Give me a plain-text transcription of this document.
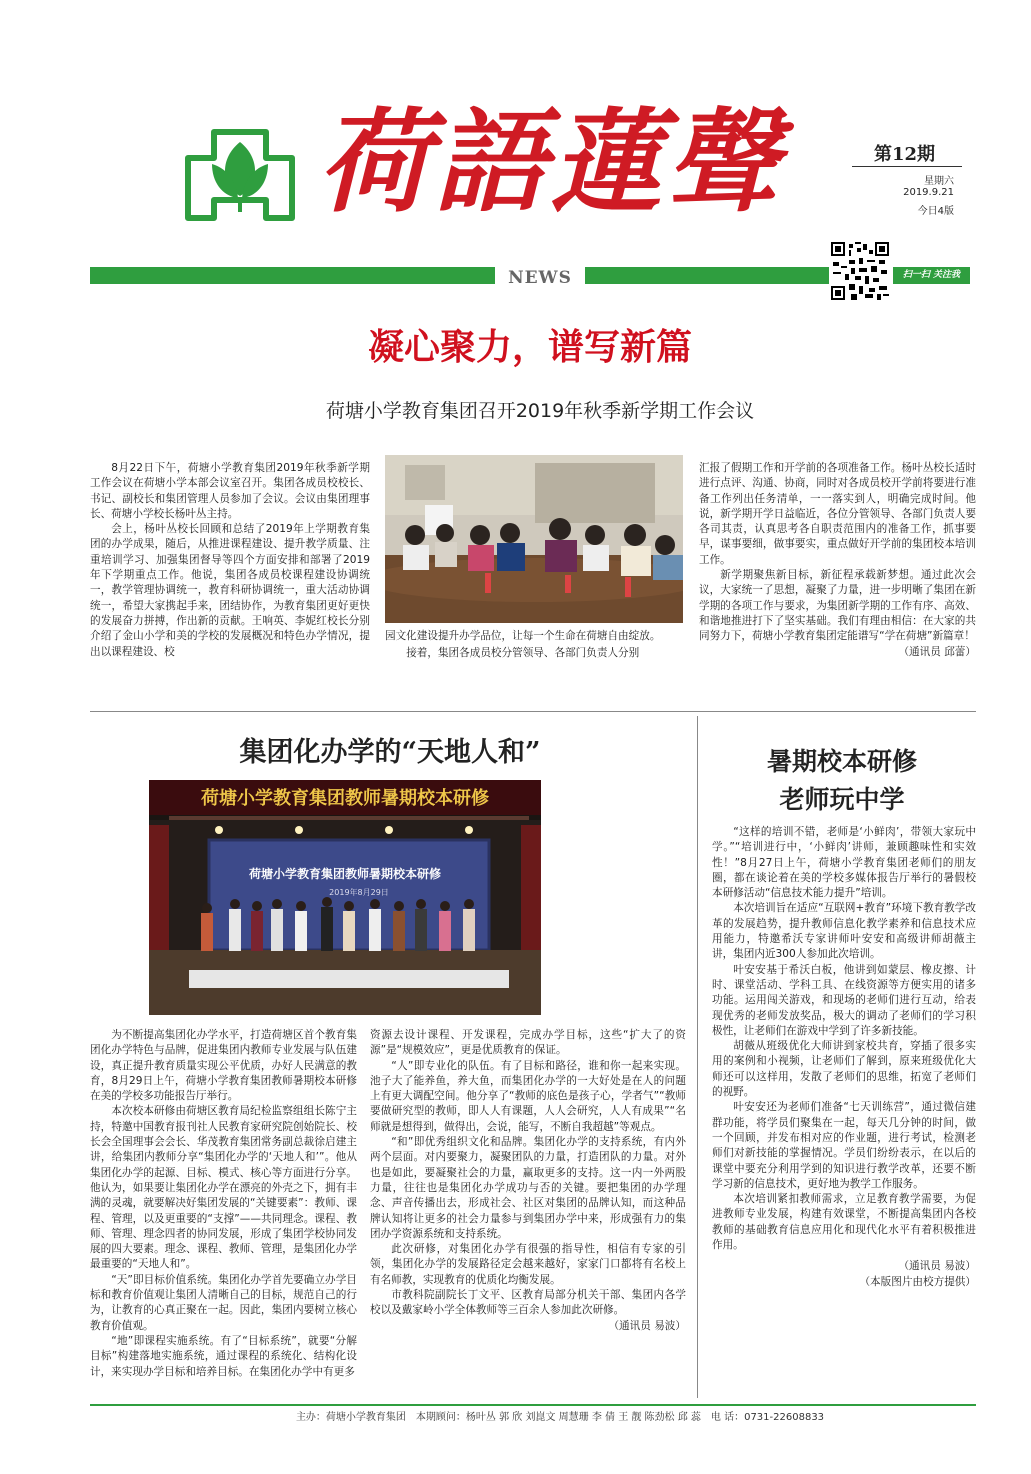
荷語蓮聲	第12期
星期六
2019.9.21
今日4版
NEWS	扫一扫 关注我
凝心聚力，谱写新篇
荷塘小学教育集团召开2019年秋季新学期工作会议

8月22日下午，荷塘小学教育集团2019年秋季新学期工作会议在荷塘小学本部会议室召开。集团各成员校校长、书记、副校长和集团管理人员参加了会议。会议由集团理事长、荷塘小学校长杨叶丛主持。

会上，杨叶丛校长回顾和总结了2019年上学期教育集团的办学成果，随后，从推进课程建设、提升教学质量、注重培训学习、加强集团督导等四个方面安排和部署了2019年下学期重点工作。他说，集团各成员校课程建设协调统一，教学管理协调统一，教育科研协调统一，重大活动协调统一，希望大家携起手来，团结协作，为教育集团更好更快的发展奋力拼搏，作出新的贡献。王响英、李妮红校长分别介绍了金山小学和美的学校的发展概况和特色办学情况，提出以课程建设、校

园文化建设提升办学品位，让每一个生命在荷塘自由绽放。

接着，集团各成员校分管领导、各部门负责人分别

汇报了假期工作和开学前的各项准备工作。杨叶丛校长适时进行点评、沟通、协商，同时对各成员校开学前将要进行准备工作列出任务清单，一一落实到人，明确完成时间。他说，新学期开学日益临近，各位分管领导、各部门负责人要各司其责，认真思考各自职责范围内的准备工作，抓事要早，谋事要细，做事要实，重点做好开学前的集团校本培训工作。

新学期聚焦新目标，新征程承载新梦想。通过此次会议，大家统一了思想，凝聚了力量，进一步明晰了集团在新学期的各项工作与要求，为集团新学期的工作有序、高效、和谐地推进打下了坚实基础。我们有理由相信：在大家的共同努力下，荷塘小学教育集团定能谱写“学在荷塘”新篇章！

（通讯员 邱蕾）

集团化办学的“天地人和”
荷塘小学教育集团教师暑期校本研修
荷塘小学教育集团教师暑期校本研修
2019年8月29日

为不断提高集团化办学水平，打造荷塘区首个教育集团化办学特色与品牌，促进集团内教师专业发展与队伍建设，真正提升教育质量实现公平优质，办好人民满意的教育，8月29日上午，荷塘小学教育集团教师暑期校本研修在美的学校多功能报告厅举行。

本次校本研修由荷塘区教育局纪检监察组组长陈宁主持，特邀中国教育报刊社人民教育家研究院创始院长、校长会全国理事会会长、华茂教育集团常务副总裁徐启建主讲，给集团内教师分享“集团化办学的‘天地人和’”。他从集团化办学的起源、目标、模式、核心等方面进行分享。他认为，如果要让集团化办学在漂亮的外壳之下，拥有丰满的灵魂，就要解决好集团发展的“关键要素”：教师、课程、管理，以及更重要的“支撑”——共同理念。课程、教师、管理、理念四者的协同发展，形成了集团学校协同发展的四大要素。理念、课程、教师、管理，是集团化办学最重要的“天地人和”。

“天”即目标价值系统。集团化办学首先要确立办学目标和教育价值观让集团人清晰自己的目标，规范自己的行为，让教育的心真正聚在一起。因此，集团内要树立核心教育价值观。

“地”即课程实施系统。有了“目标系统”，就要“分解目标”构建落地实施系统，通过课程的系统化、结构化设计，来实现办学目标和培养目标。在集团化办学中有更多

资源去设计课程、开发课程，完成办学目标，这些“扩大了的资源”是“规模效应”，更是优质教育的保证。

“人”即专业化的队伍。有了目标和路径，谁和你一起来实现。池子大了能养鱼，养大鱼，而集团化办学的一大好处是在人的问题上有更大调配空间。他分享了“教师的底色是孩子心，学者气”“教师要做研究型的教师，即人人有课题，人人会研究，人人有成果”“名师就是想得到，做得出，会说，能写，不断自我超越”等观点。

“和”即优秀组织文化和品牌。集团化办学的支持系统，有内外两个层面。对内要聚力，凝聚团队的力量，打造团队的力量。对外也是如此，要凝聚社会的力量，赢取更多的支持。这一内一外两股力量，往往也是集团化办学成功与否的关键。要把集团的办学理念、声音传播出去，形成社会、社区对集团的品牌认知，而这种品牌认知将让更多的社会力量参与到集团办学中来，形成强有力的集团办学资源系统和支持系统。

此次研修，对集团化办学有很强的指导性，相信有专家的引领，集团化办学的发展路径定会越来越好，家家门口都将有名校上有名师教，实现教育的优质化均衡发展。

市教科院副院长丁文平、区教育局部分机关干部、集团内各学校以及戴家岭小学全体教师等三百余人参加此次研修。

（通讯员 易波）

暑期校本研修
老师玩中学

“这样的培训不错，老师是‘小鲜肉’，带领大家玩中学。”“培训进行中，‘小鲜肉’讲师，兼顾趣味性和实效性！”8月27日上午，荷塘小学教育集团老师们的朋友圈，都在谈论着在美的学校多媒体报告厅举行的暑假校本研修活动“信息技术能力提升”培训。

本次培训旨在适应“互联网+教育”环境下教育教学改革的发展趋势，提升教师信息化教学素养和信息技术应用能力，特邀希沃专家讲师叶安安和高级讲师胡薇主讲，集团内近300人参加此次培训。

叶安安基于希沃白板，他讲到如蒙层、橡皮擦、计时、课堂活动、学科工具、在线资源等方便实用的诸多功能。运用闯关游戏，和现场的老师们进行互动，给表现优秀的老师发放奖品，极大的调动了老师们的学习积极性，让老师们在游戏中学到了许多新技能。

胡薇从班级优化大师讲到家校共育，穿插了很多实用的案例和小视频，让老师们了解到，原来班级优化大师还可以这样用，发散了老师们的思维，拓宽了老师们的视野。

叶安安还为老师们准备“七天训练营”，通过微信建群功能，将学员们聚集在一起，每天几分钟的时间，做一个回顾，并发布相对应的作业题，进行考试，检测老师们对新技能的掌握情况。学员们纷纷表示，在以后的课堂中要充分利用学到的知识进行教学改革，还要不断学习新的信息技术，更好地为教学工作服务。

本次培训紧扣教师需求，立足教育教学需要，为促进教师专业发展，构建有效课堂，不断提高集团内各校教师的基础教育信息应用化和现代化水平有着积极推进作用。

（通讯员 易波）

（本版图片由校方提供）

主办：荷塘小学教育集团　本期顾问：杨叶丛 郭 欣 刘崑文 周慧珊 李 倩 王 靓 陈劲松 邱 蕊　电 话：0731-22608833
